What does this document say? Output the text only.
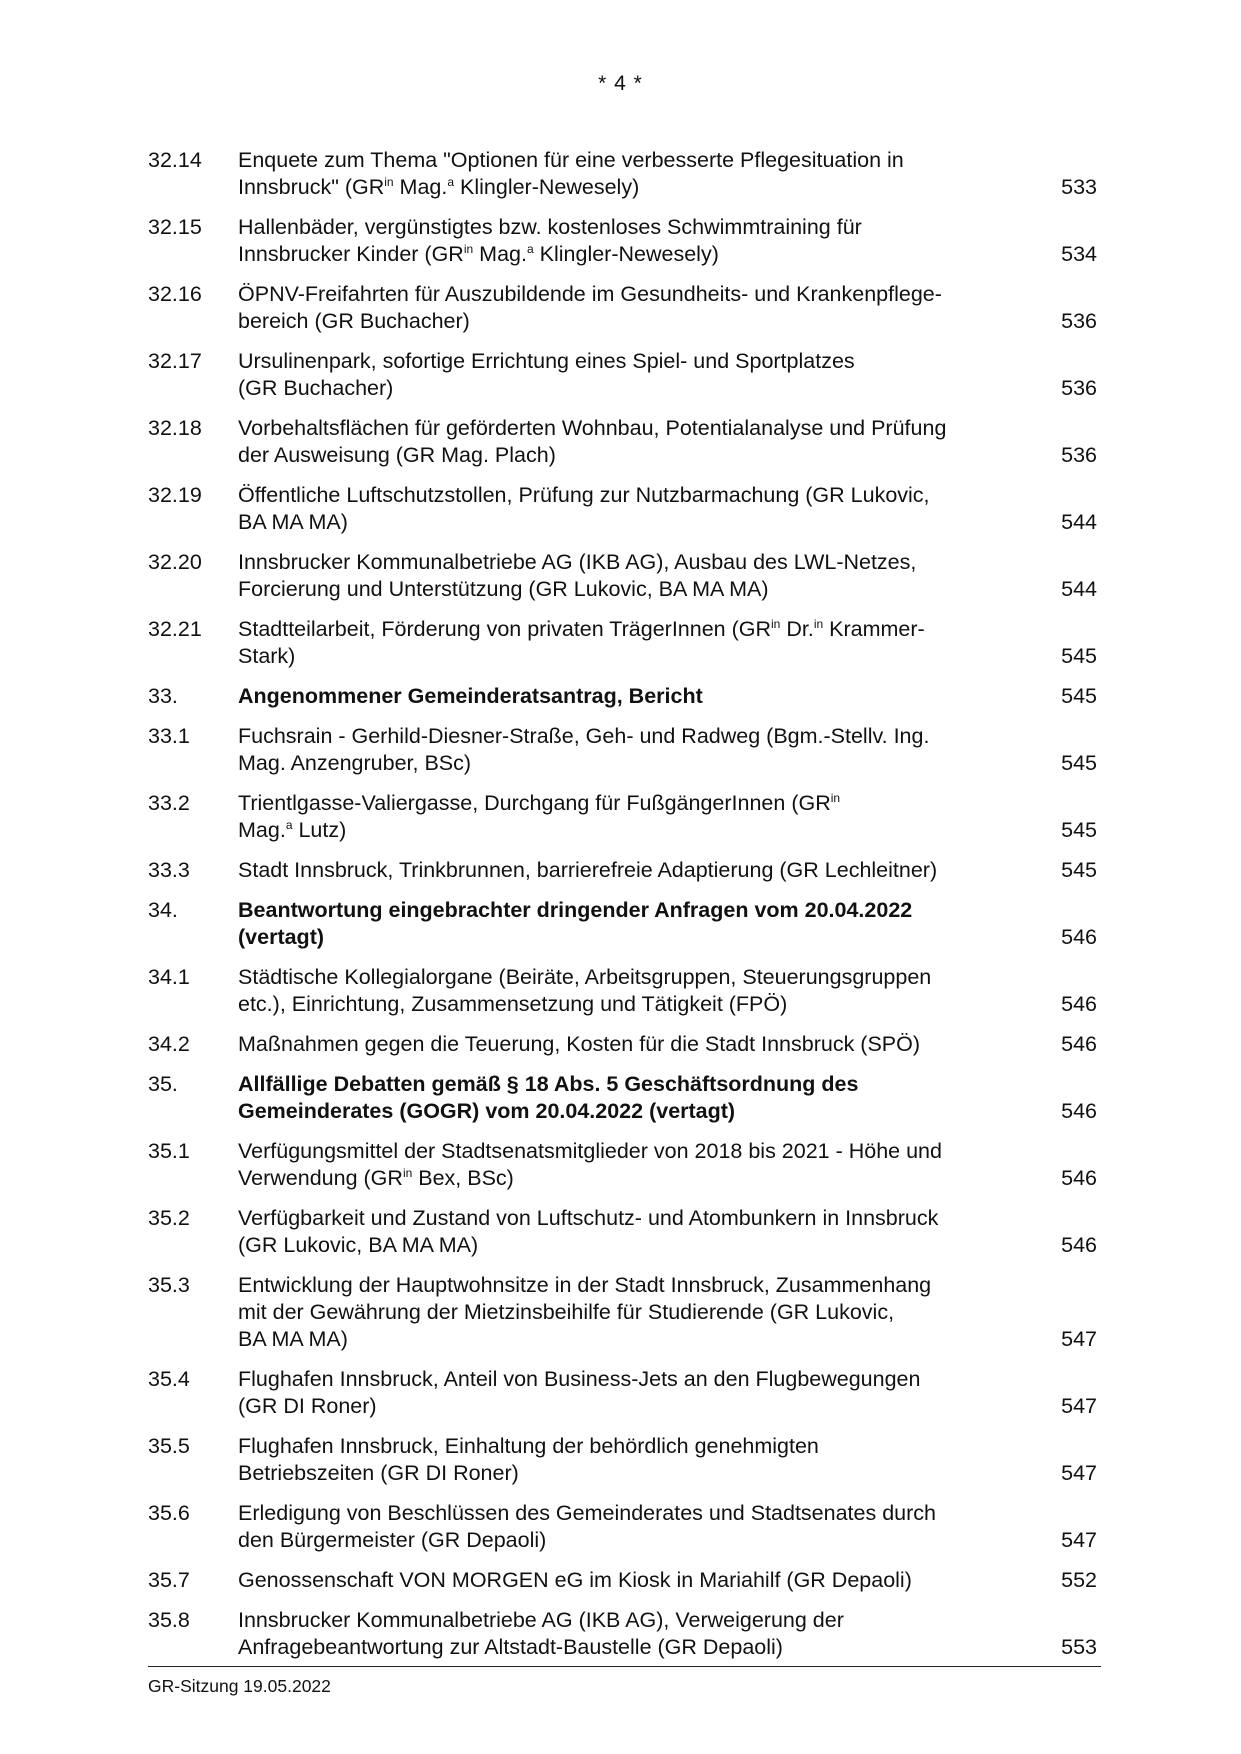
* 4 *
32.14	Enquete zum Thema "Optionen für eine verbesserte Pflegesituation in
Innsbruck" ($GR^{in}$ Mag.$^a$ Klingler-Newesely)	533
32.15	Hallenbäder, vergünstigtes bzw. kostenloses Schwimmtraining für
Innsbrucker Kinder ($GR^{in}$ Mag.$^a$ Klingler-Newesely)	534
32.16	ÖPNV-Freifahrten für Auszubildende im Gesundheits- und Krankenpflege-
bereich (GR Buchacher)	536
32.17	Ursulinenpark, sofortige Errichtung eines Spiel- und Sportplatzes
(GR Buchacher)	536
32.18	Vorbehaltsflächen für geförderten Wohnbau, Potentialanalyse und Prüfung
der Ausweisung (GR Mag. Plach)	536
32.19	Öffentliche Luftschutzstollen, Prüfung zur Nutzbarmachung (GR Lukovic,
BA MA MA)	544
32.20	Innsbrucker Kommunalbetriebe AG (IKB AG), Ausbau des LWL-Netzes,
Forcierung und Unterstützung (GR Lukovic, BA MA MA)	544
32.21	Stadtteilarbeit, Förderung von privaten TrägerInnen ($GR^{in}$ Dr.$^{in}$ Krammer-
Stark)	545
33.	Angenommener Gemeinderatsantrag, Bericht	545
33.1	Fuchsrain - Gerhild-Diesner-Straße, Geh- und Radweg (Bgm.-Stellv. Ing.
Mag. Anzengruber, BSc)	545
33.2	Trientlgasse-Valiergasse, Durchgang für FußgängerInnen ($GR^{in}$
Mag.$^a$ Lutz)	545
33.3	Stadt Innsbruck, Trinkbrunnen, barrierefreie Adaptierung (GR Lechleitner)	545
34.	Beantwortung eingebrachter dringender Anfragen vom 20.04.2022
(vertagt)	546
34.1	Städtische Kollegialorgane (Beiräte, Arbeitsgruppen, Steuerungsgruppen
etc.), Einrichtung, Zusammensetzung und Tätigkeit (FPÖ)	546
34.2	Maßnahmen gegen die Teuerung, Kosten für die Stadt Innsbruck (SPÖ)	546
35.	Allfällige Debatten gemäß § 18 Abs. 5 Geschäftsordnung des
Gemeinderates (GOGR) vom 20.04.2022 (vertagt)	546
35.1	Verfügungsmittel der Stadtsenatsmitglieder von 2018 bis 2021 - Höhe und
Verwendung ($GR^{in}$ Bex, BSc)	546
35.2	Verfügbarkeit und Zustand von Luftschutz- und Atombunkern in Innsbruck
(GR Lukovic, BA MA MA)	546
35.3	Entwicklung der Hauptwohnsitze in der Stadt Innsbruck, Zusammenhang
mit der Gewährung der Mietzinsbeihilfe für Studierende (GR Lukovic,
BA MA MA)	547
35.4	Flughafen Innsbruck, Anteil von Business-Jets an den Flugbewegungen
(GR DI Roner)	547
35.5	Flughafen Innsbruck, Einhaltung der behördlich genehmigten
Betriebszeiten (GR DI Roner)	547
35.6	Erledigung von Beschlüssen des Gemeinderates und Stadtsenates durch
den Bürgermeister (GR Depaoli)	547
35.7	Genossenschaft VON MORGEN eG im Kiosk in Mariahilf (GR Depaoli)	552
35.8	Innsbrucker Kommunalbetriebe AG (IKB AG), Verweigerung der
Anfragebeantwortung zur Altstadt-Baustelle (GR Depaoli)	553
GR-Sitzung 19.05.2022
